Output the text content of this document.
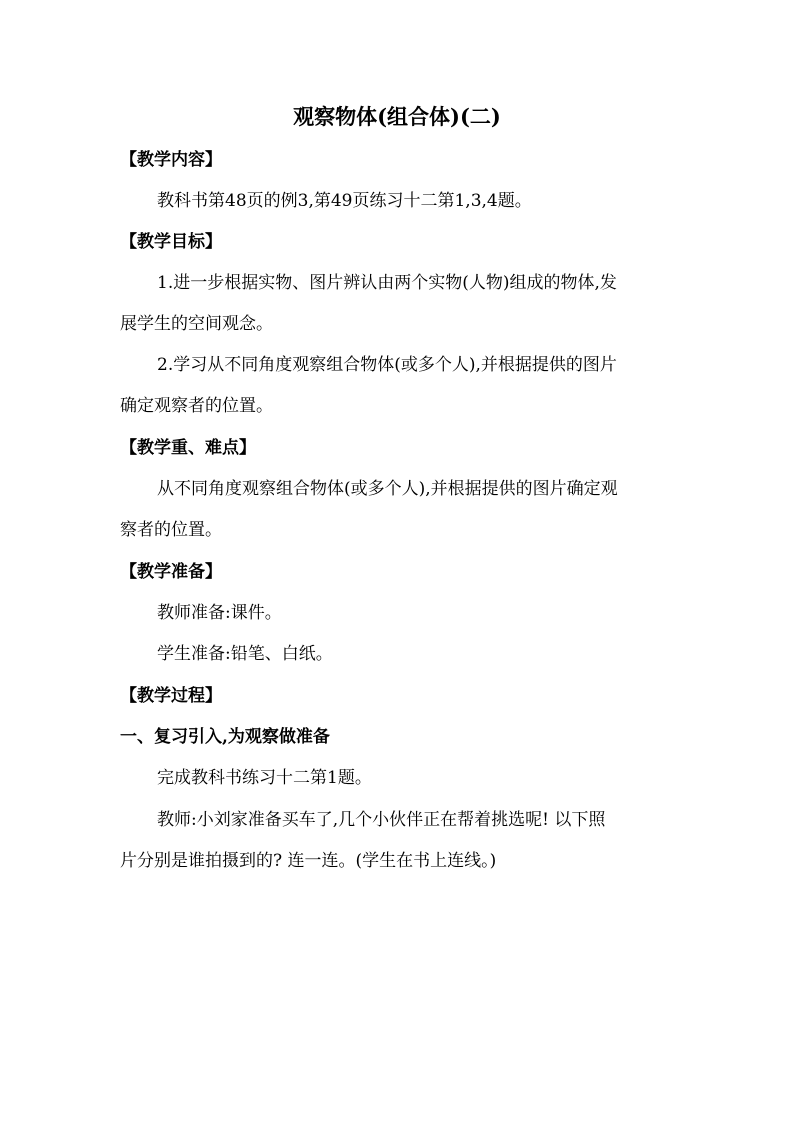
观察物体(组合体)(二)
【教学内容】
教科书第48页的例3,第49页练习十二第1,3,4题。
【教学目标】
1.进一步根据实物、图片辨认由两个实物(人物)组成的物体,发
展学生的空间观念。
2.学习从不同角度观察组合物体(或多个人),并根据提供的图片
确定观察者的位置。
【教学重、难点】
从不同角度观察组合物体(或多个人),并根据提供的图片确定观
察者的位置。
【教学准备】
教师准备:课件。
学生准备:铅笔、白纸。
【教学过程】
一、复习引入,为观察做准备
完成教科书练习十二第1题。
教师:小刘家准备买车了,几个小伙伴正在帮着挑选呢! 以下照
片分别是谁拍摄到的? 连一连。(学生在书上连线。)
